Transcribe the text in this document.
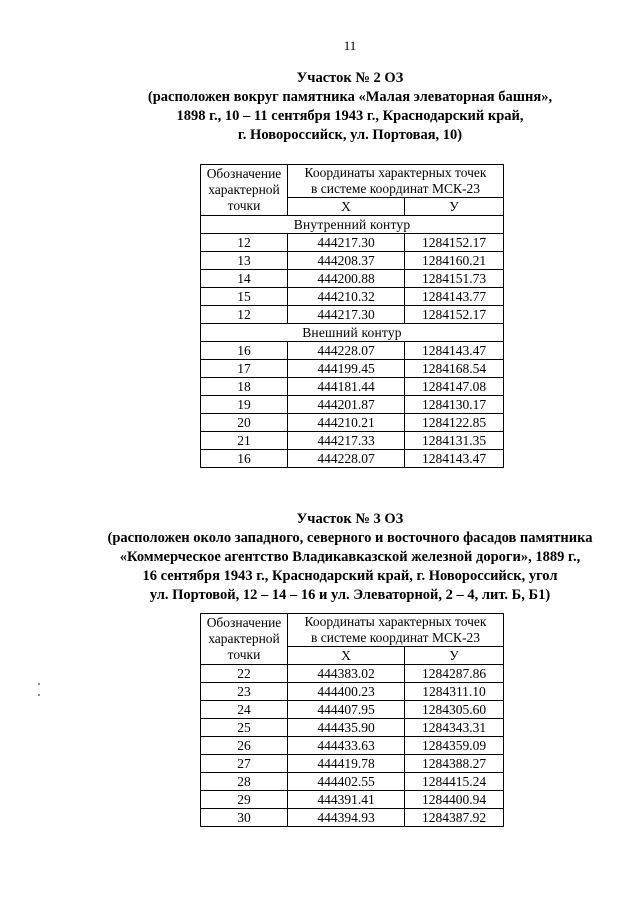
11
Участок № 2 ОЗ
(расположен вокруг памятника «Малая элеваторная башня»,
1898 г., 10 – 11 сентября 1943 г., Краснодарский край,
г. Новороссийск, ул. Портовая, 10)
Обозначение
характерной
точки	Координаты характерных точек
в системе координат МСК-23	
	X	У
Внутренний контур		
12	444217.30	1284152.17
13	444208.37	1284160.21
14	444200.88	1284151.73
15	444210.32	1284143.77
12	444217.30	1284152.17
Внешний контур		
16	444228.07	1284143.47
17	444199.45	1284168.54
18	444181.44	1284147.08
19	444201.87	1284130.17
20	444210.21	1284122.85
21	444217.33	1284131.35
16	444228.07	1284143.47
Участок № 3 ОЗ
(расположен около западного, северного и восточного фасадов памятника
«Коммерческое агентство Владикавказской железной дороги», 1889 г.,
16 сентября 1943 г., Краснодарский край, г. Новороссийск, угол
ул. Портовой, 12 – 14 – 16 и ул. Элеваторной, 2 – 4, лит. Б, Б1)
Обозначение
характерной
точки	Координаты характерных точек
в системе координат МСК-23	
	X	У
22	444383.02	1284287.86
23	444400.23	1284311.10
24	444407.95	1284305.60
25	444435.90	1284343.31
26	444433.63	1284359.09
27	444419.78	1284388.27
28	444402.55	1284415.24
29	444391.41	1284400.94
30	444394.93	1284387.92
